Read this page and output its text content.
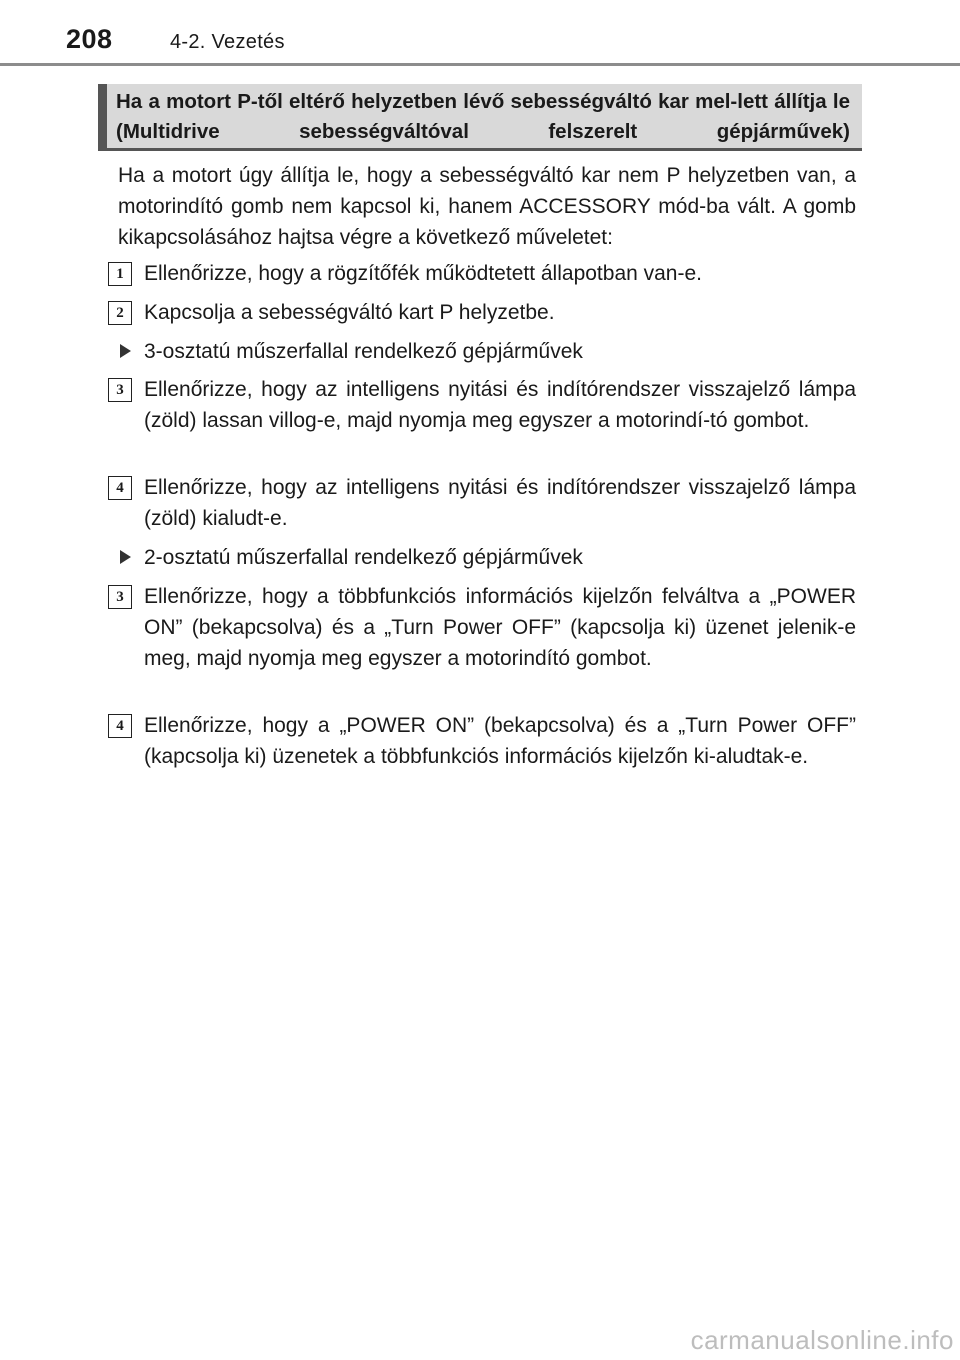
208	4-2. Vezetés
Ha a motort P-től eltérő helyzetben lévő sebességváltó kar mel-lett állítja le (Multidrive sebességváltóval felszerelt gépjárművek)
Ha a motort úgy állítja le, hogy a sebességváltó kar nem P helyzetben van, a motorindító gomb nem kapcsol ki, hanem ACCESSORY mód-ba vált. A gomb kikapcsolásához hajtsa végre a következő műveletet:
1 Ellenőrizze, hogy a rögzítőfék működtetett állapotban van-e.
2 Kapcsolja a sebességváltó kart P helyzetbe.
3-osztatú műszerfallal rendelkező gépjárművek
3 Ellenőrizze, hogy az intelligens nyitási és indítórendszer visszajelző lámpa (zöld) lassan villog-e, majd nyomja meg egyszer a motorindí-tó gombot.
4 Ellenőrizze, hogy az intelligens nyitási és indítórendszer visszajelző lámpa (zöld) kialudt-e.
2-osztatú műszerfallal rendelkező gépjárművek
3 Ellenőrizze, hogy a többfunkciós információs kijelzőn felváltva a „POWER ON” (bekapcsolva) és a „Turn Power OFF” (kapcsolja ki) üzenet jelenik-e meg, majd nyomja meg egyszer a motorindító gombot.
4 Ellenőrizze, hogy a „POWER ON” (bekapcsolva) és a „Turn Power OFF” (kapcsolja ki) üzenetek a többfunkciós információs kijelzőn ki-aludtak-e.
carmanualsonline.info
